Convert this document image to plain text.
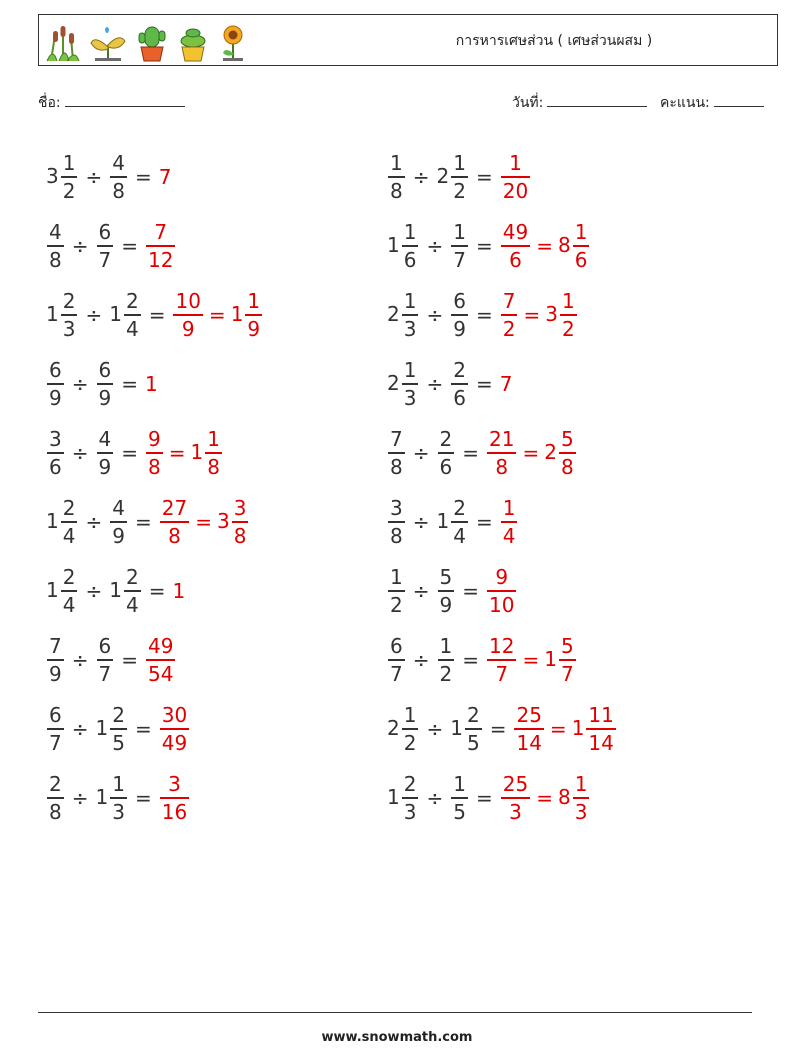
การหารเศษส่วน ( เศษส่วนผสม )
ชื่อ:	วันที่:	คะแนน:
$3 \frac{1}{2} \div \frac{4}{8} = 7$	$\frac{1}{8} \div 2 \frac{1}{2} = \frac{1}{20}$
$\frac{4}{8} \div \frac{6}{7} = \frac{7}{12}$	$1 \frac{1}{6} \div \frac{1}{7} = \frac{49}{6} = 8 \frac{1}{6}$
$1 \frac{2}{3} \div 1 \frac{2}{4} = \frac{10}{9} = 1 \frac{1}{9}$	$2 \frac{1}{3} \div \frac{6}{9} = \frac{7}{2} = 3 \frac{1}{2}$
$\frac{6}{9} \div \frac{6}{9} = 1$	$2 \frac{1}{3} \div \frac{2}{6} = 7$
$\frac{3}{6} \div \frac{4}{9} = \frac{9}{8} = 1 \frac{1}{8}$	$\frac{7}{8} \div \frac{2}{6} = \frac{21}{8} = 2 \frac{5}{8}$
$1 \frac{2}{4} \div \frac{4}{9} = \frac{27}{8} = 3 \frac{3}{8}$	$\frac{3}{8} \div 1 \frac{2}{4} = \frac{1}{4}$
$1 \frac{2}{4} \div 1 \frac{2}{4} = 1$	$\frac{1}{2} \div \frac{5}{9} = \frac{9}{10}$
$\frac{7}{9} \div \frac{6}{7} = \frac{49}{54}$	$\frac{6}{7} \div \frac{1}{2} = \frac{12}{7} = 1 \frac{5}{7}$
$\frac{6}{7} \div 1 \frac{2}{5} = \frac{30}{49}$	$2 \frac{1}{2} \div 1 \frac{2}{5} = \frac{25}{14} = 1 \frac{11}{14}$
$\frac{2}{8} \div 1 \frac{1}{3} = \frac{3}{16}$	$1 \frac{2}{3} \div \frac{1}{5} = \frac{25}{3} = 8 \frac{1}{3}$
www.snowmath.com
